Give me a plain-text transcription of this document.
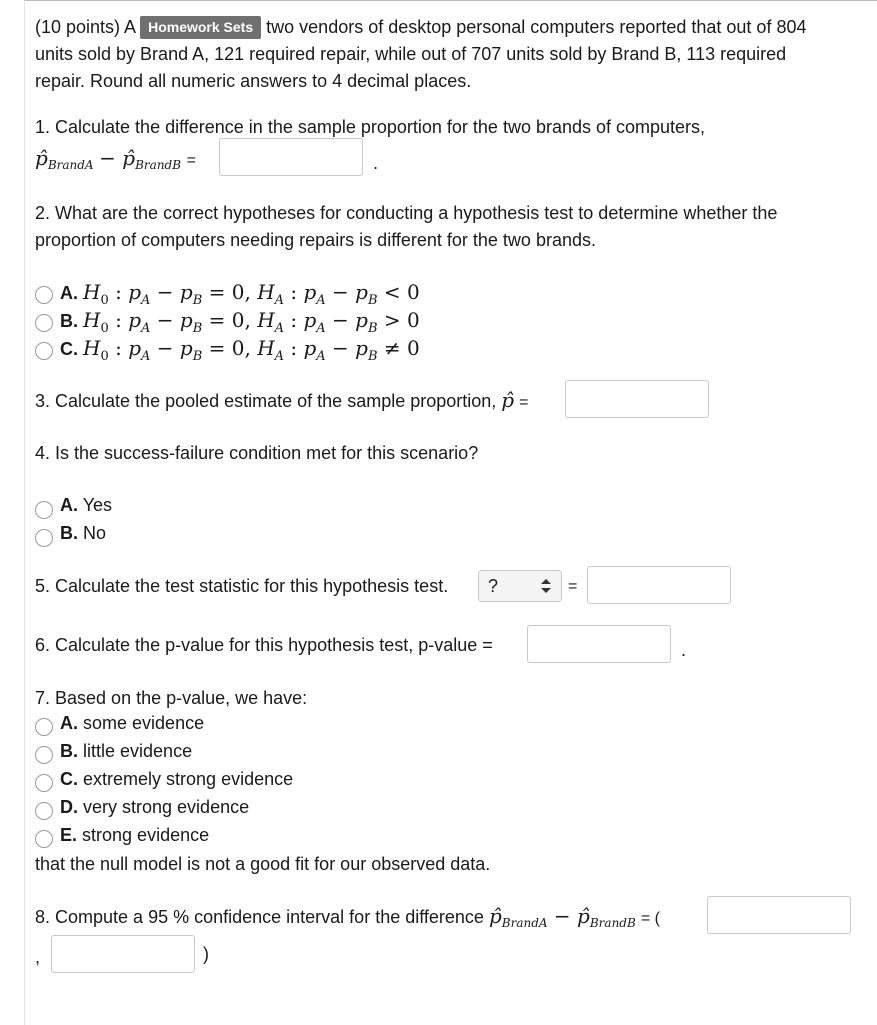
(10 points) A Homework Sets two vendors of desktop personal computers reported that out of 804
units sold by Brand A, 121 required repair, while out of 707 units sold by Brand B, 113 required
repair. Round all numeric answers to 4 decimal places.
1. Calculate the difference in the sample proportion for the two brands of computers,
$p̂_{BrandA}$ − $p̂_{BrandB}$ =	.
2. What are the correct hypotheses for conducting a hypothesis test to determine whether the
proportion of computers needing repairs is different for the two brands.
A. $H_0$ : $p_A - p_B = 0$, $H_A$ : $p_A - p_B < 0$
B. $H_0$ : $p_A - p_B = 0$, $H_A$ : $p_A - p_B > 0$
C. $H_0$ : $p_A - p_B = 0$, $H_A$ : $p_A - p_B \ne 0$
3. Calculate the pooled estimate of the sample proportion, p̂ =
4. Is the success-failure condition met for this scenario?
A. Yes
B. No
5. Calculate the test statistic for this hypothesis test. ?	=
6. Calculate the p-value for this hypothesis test, p-value =	.
7. Based on the p-value, we have:
A. some evidence
B. little evidence
C. extremely strong evidence
D. very strong evidence
E. strong evidence
that the null model is not a good fit for our observed data.
8. Compute a 95 % confidence interval for the difference $p̂_{BrandA}$ − $p̂_{BrandB}$ = (
,	)
